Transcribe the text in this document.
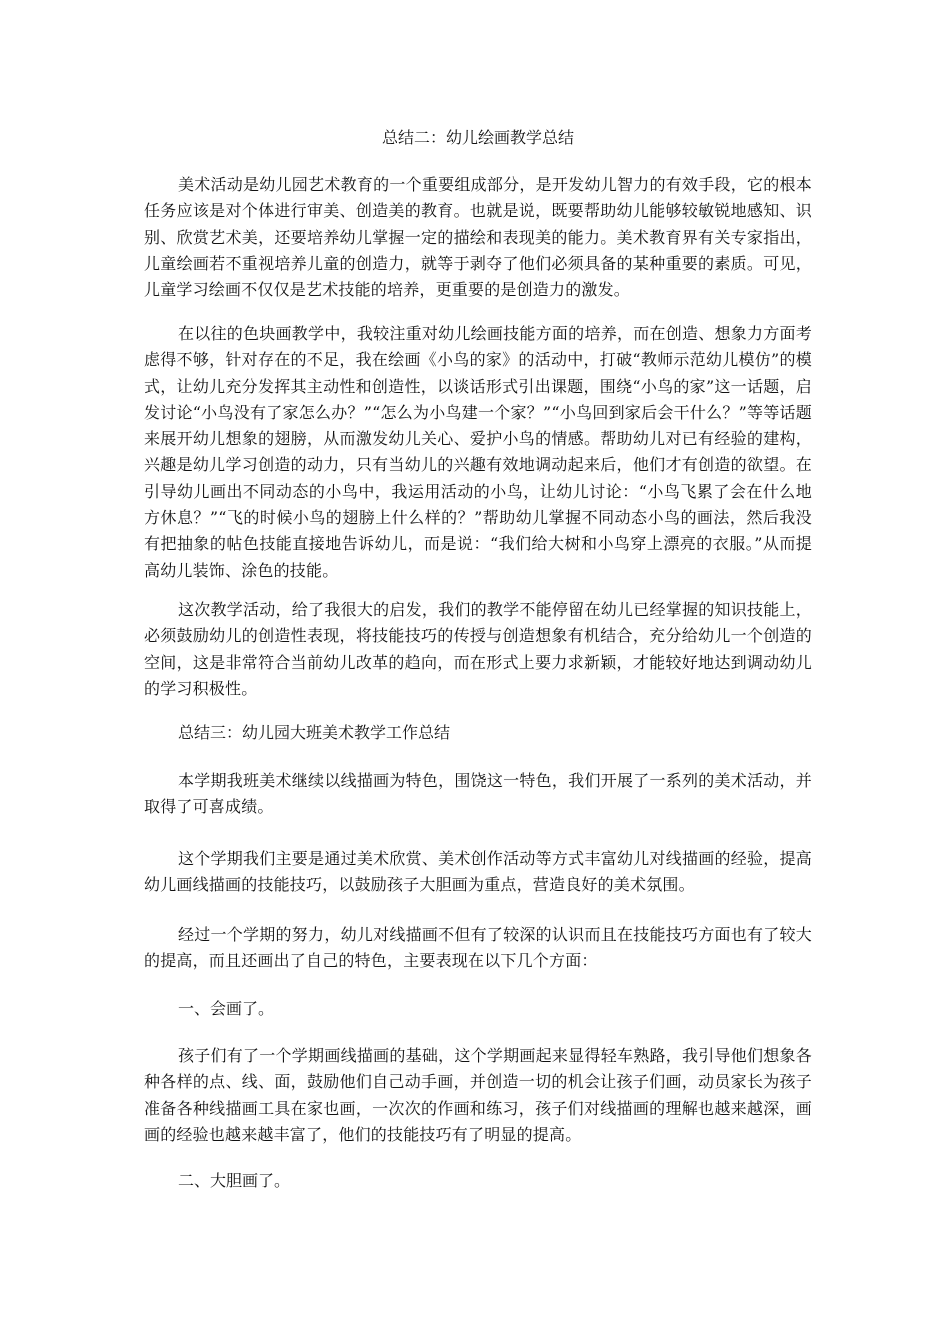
总结二：幼儿绘画教学总结

美术活动是幼儿园艺术教育的一个重要组成部分，是开发幼儿智力的有效手段，它的根本任务应该是对个体进行审美、创造美的教育。也就是说，既要帮助幼儿能够较敏锐地感知、识别、欣赏艺术美，还要培养幼儿掌握一定的描绘和表现美的能力。美术教育界有关专家指出，儿童绘画若不重视培养儿童的创造力，就等于剥夺了他们必须具备的某种重要的素质。可见，儿童学习绘画不仅仅是艺术技能的培养，更重要的是创造力的激发。

在以往的色块画教学中，我较注重对幼儿绘画技能方面的培养，而在创造、想象力方面考虑得不够，针对存在的不足，我在绘画《小鸟的家》的活动中，打破“教师示范幼儿模仿”的模式，让幼儿充分发挥其主动性和创造性，以谈话形式引出课题，围绕“小鸟的家”这一话题，启发讨论“小鸟没有了家怎么办？”“怎么为小鸟建一个家？”“小鸟回到家后会干什么？”等等话题来展开幼儿想象的翅膀，从而激发幼儿关心、爱护小鸟的情感。帮助幼儿对已有经验的建构，兴趣是幼儿学习创造的动力，只有当幼儿的兴趣有效地调动起来后，他们才有创造的欲望。在引导幼儿画出不同动态的小鸟中，我运用活动的小鸟，让幼儿讨论：“小鸟飞累了会在什么地方休息？”“飞的时候小鸟的翅膀上什么样的？”帮助幼儿掌握不同动态小鸟的画法，然后我没有把抽象的帖色技能直接地告诉幼儿，而是说：“我们给大树和小鸟穿上漂亮的衣服。”从而提高幼儿装饰、涂色的技能。

这次教学活动，给了我很大的启发，我们的教学不能停留在幼儿已经掌握的知识技能上，必须鼓励幼儿的创造性表现，将技能技巧的传授与创造想象有机结合，充分给幼儿一个创造的空间，这是非常符合当前幼儿改革的趋向，而在形式上要力求新颖，才能较好地达到调动幼儿的学习积极性。

总结三：幼儿园大班美术教学工作总结

本学期我班美术继续以线描画为特色，围饶这一特色，我们开展了一系列的美术活动，并取得了可喜成绩。

这个学期我们主要是通过美术欣赏、美术创作活动等方式丰富幼儿对线描画的经验，提高幼儿画线描画的技能技巧，以鼓励孩子大胆画为重点，营造良好的美术氛围。

经过一个学期的努力，幼儿对线描画不但有了较深的认识而且在技能技巧方面也有了较大的提高，而且还画出了自己的特色，主要表现在以下几个方面：

一、会画了。

孩子们有了一个学期画线描画的基础，这个学期画起来显得轻车熟路，我引导他们想象各种各样的点、线、面，鼓励他们自己动手画，并创造一切的机会让孩子们画，动员家长为孩子准备各种线描画工具在家也画，一次次的作画和练习，孩子们对线描画的理解也越来越深，画画的经验也越来越丰富了，他们的技能技巧有了明显的提高。

二、大胆画了。
